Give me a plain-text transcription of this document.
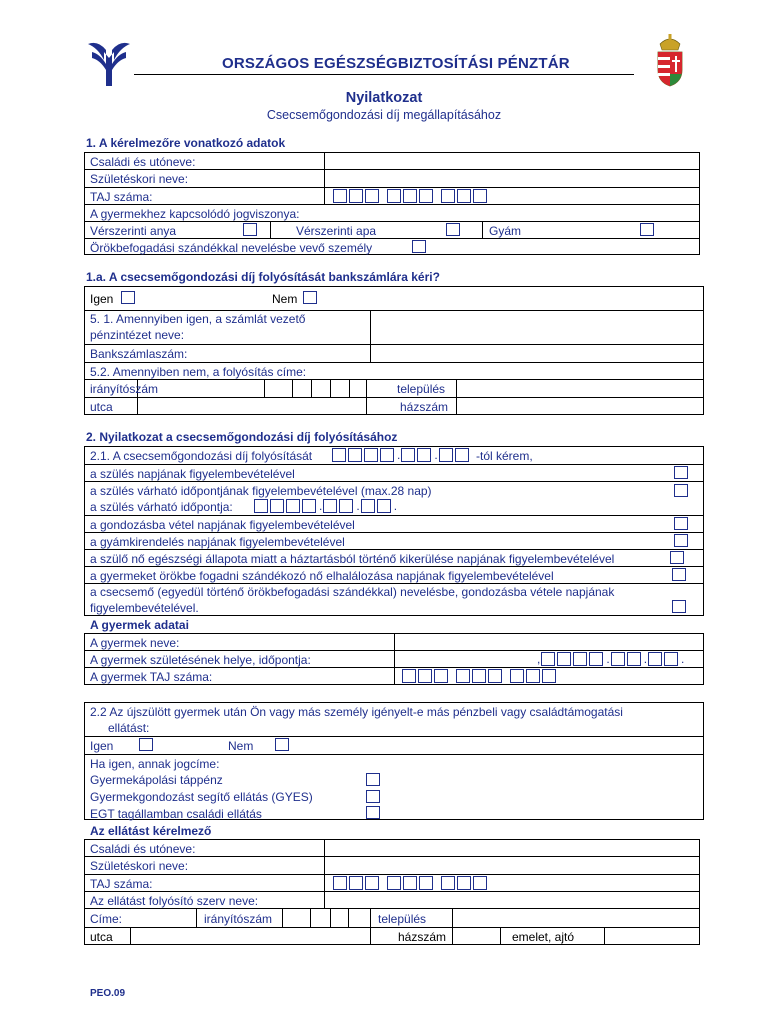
ORSZÁGOS EGÉSZSÉGBIZTOSÍTÁSI PÉNZTÁR
Nyilatkozat
Csecsemőgondozási díj megállapításához
1. A kérelmezőre vonatkozó adatok
Családi és utóneve:
Születéskori neve:
TAJ száma:
A gyermekhez kapcsolódó jogviszonya:
Vérszerinti anya	Vérszerinti apa	Gyám
Örökbefogadási szándékkal nevelésbe vevő személy
1.a. A csecsemőgondozási díj folyósítását bankszámlára kéri?
Igen	Nem
5. 1. Amennyiben igen, a számlát vezető
pénzintézet neve:
Bankszámlaszám:
5.2. Amennyiben nem, a folyósítás címe:
irányítószám	település
utca	házszám
2. Nyilatkozat a csecsemőgondozási díj folyósításához
2.1. A csecsemőgondozási díj folyósítását	.	.	-tól kérem,
a szülés napjának figyelembevételével
a szülés várható időpontjának figyelembevételével (max.28 nap)
a szülés várható időpontja:	.	.	.
a gondozásba vétel napjának figyelembevételével
a gyámkirendelés napjának figyelembevételével
a szülő nő egészségi állapota miatt a háztartásból történő kikerülése napjának figyelembevételével
a gyermeket örökbe fogadni szándékozó nő elhalálozása napjának figyelembevételével
a csecsemő (egyedül történő örökbefogadási szándékkal) nevelésbe, gondozásba vétele napjának
figyelembevételével.
A gyermek adatai
A gyermek neve:
A gyermek születésének helye, időpontja:	,	.	.	.
A gyermek TAJ száma:
2.2 Az újszülött gyermek után Ön vagy más személy igényelt-e más pénzbeli vagy családtámogatási
ellátást:
Igen	Nem
Ha igen, annak jogcíme:
Gyermekápolási táppénz
Gyermekgondozást segítő ellátás (GYES)
EGT tagállamban családi ellátás
Az ellátást kérelmező
Családi és utóneve:
Születéskori neve:
TAJ száma:
Az ellátást folyósító szerv neve:
Címe:	irányítószám	település
utca	házszám	emelet, ajtó
PEO.09
